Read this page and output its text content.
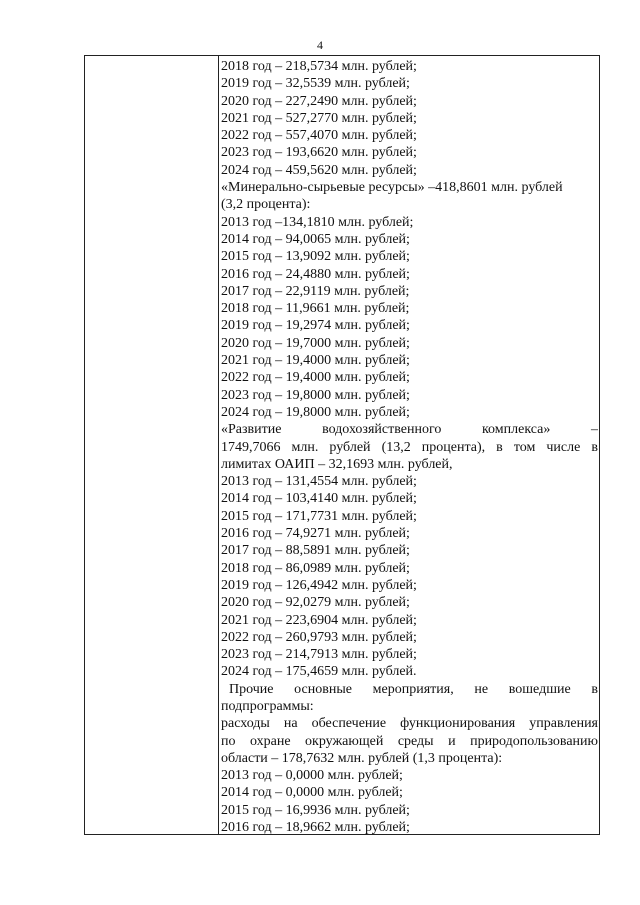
4
2018 год – 218,5734 млн. рублей;
2019 год – 32,5539 млн. рублей;
2020 год – 227,2490 млн. рублей;
2021 год – 527,2770 млн. рублей;
2022 год – 557,4070 млн. рублей;
2023 год – 193,6620 млн. рублей;
2024 год – 459,5620 млн. рублей;
«Минерально-сырьевые ресурсы» –418,8601 млн. рублей
(3,2 процента):
2013 год –134,1810 млн. рублей;
2014 год – 94,0065 млн. рублей;
2015 год – 13,9092 млн. рублей;
2016 год – 24,4880 млн. рублей;
2017 год – 22,9119 млн. рублей;
2018 год – 11,9661 млн. рублей;
2019 год – 19,2974 млн. рублей;
2020 год – 19,7000 млн. рублей;
2021 год – 19,4000 млн. рублей;
2022 год – 19,4000 млн. рублей;
2023 год – 19,8000 млн. рублей;
2024 год – 19,8000 млн. рублей;
«Развитие водохозяйственного комплекса» –
1749,7066 млн. рублей (13,2 процента), в том числе в
лимитах ОАИП – 32,1693 млн. рублей,
2013 год – 131,4554 млн. рублей;
2014 год – 103,4140 млн. рублей;
2015 год – 171,7731 млн. рублей;
2016 год – 74,9271 млн. рублей;
2017 год – 88,5891 млн. рублей;
2018 год – 86,0989 млн. рублей;
2019 год – 126,4942 млн. рублей;
2020 год – 92,0279 млн. рублей;
2021 год – 223,6904 млн. рублей;
2022 год – 260,9793 млн. рублей;
2023 год – 214,7913 млн. рублей;
2024 год – 175,4659 млн. рублей.
Прочие основные мероприятия, не вошедшие в
подпрограммы:
расходы на обеспечение функционирования управления
по охране окружающей среды и природопользованию
области – 178,7632 млн. рублей (1,3 процента):
2013 год – 0,0000 млн. рублей;
2014 год – 0,0000 млн. рублей;
2015 год – 16,9936 млн. рублей;
2016 год – 18,9662 млн. рублей;
